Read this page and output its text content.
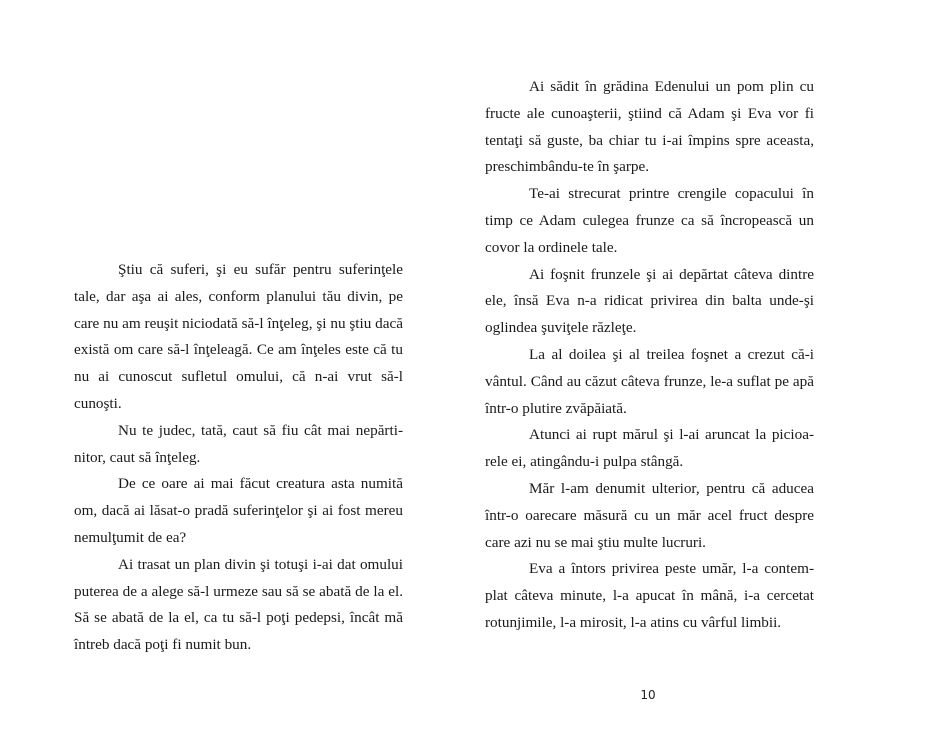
Ştiu că suferi, şi eu sufăr pentru suferinţele tale, dar aşa ai ales, conform planului tău divin, pe care nu am reuşit niciodată să-l înţeleg, şi nu ştiu dacă există om care să-l înţeleagă. Ce am înţeles este că tu nu ai cunoscut sufletul omului, că n-ai vrut să-l cunoşti.

Nu te judec, tată, caut să fiu cât mai nepărtinitor, caut să înţeleg.

De ce oare ai mai făcut creatura asta numită om, dacă ai lăsat-o pradă suferinţelor şi ai fost mereu nemulţumit de ea?

Ai trasat un plan divin şi totuşi i-ai dat omului puterea de a alege să-l urmeze sau să se abată de la el. Să se abată de la el, ca tu să-l poţi pedepsi, încât mă întreb dacă poţi fi numit bun.

Ai sădit în grădina Edenului un pom plin cu fructe ale cunoaşterii, ştiind că Adam şi Eva vor fi tentaţi să guste, ba chiar tu i-ai împins spre aceasta, preschimbându-te în şarpe.

Te-ai strecurat printre crengile copacului în timp ce Adam culegea frunze ca să încropească un covor la ordinele tale.

Ai foşnit frunzele şi ai depărtat câteva dintre ele, însă Eva n-a ridicat privirea din balta unde-şi oglindea şuviţele răzleţe.

La al doilea şi al treilea foşnet a crezut că-i vântul. Când au căzut câteva frunze, le-a suflat pe apă într-o plutire zvăpăiată.

Atunci ai rupt mărul şi l-ai aruncat la picioarele ei, atingându-i pulpa stângă.

Măr l-am denumit ulterior, pentru că aducea într-o oarecare măsură cu un măr acel fruct despre care azi nu se mai ştiu multe lucruri.

Eva a întors privirea peste umăr, l-a contemplat câteva minute, l-a apucat în mână, i-a cercetat rotunjimile, l-a mirosit, l-a atins cu vârful limbii.

10
